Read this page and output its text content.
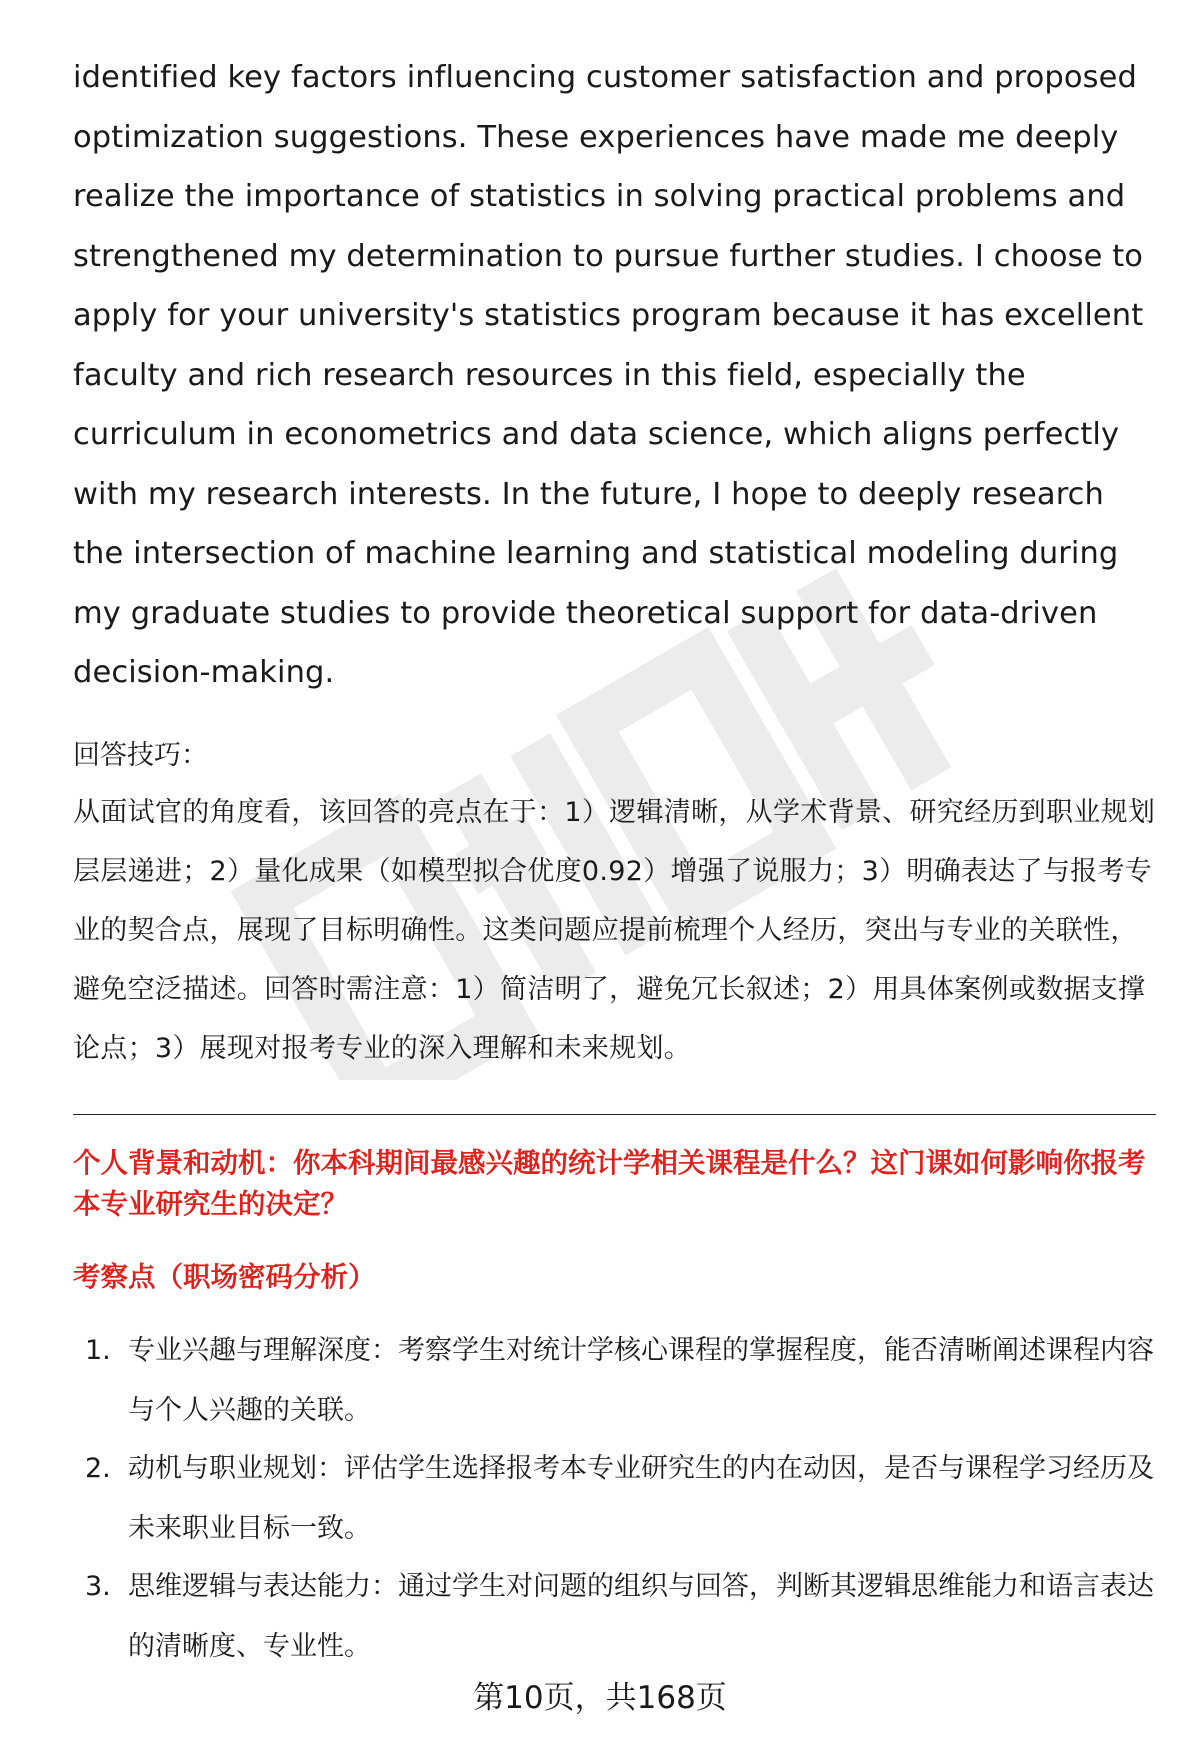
identified key factors influencing customer satisfaction and proposed optimization suggestions. These experiences have made me deeply realize the importance of statistics in solving practical problems and strengthened my determination to pursue further studies. I choose to apply for your university's statistics program because it has excellent faculty and rich research resources in this field, especially the curriculum in econometrics and data science, which aligns perfectly with my research interests. In the future, I hope to deeply research the intersection of machine learning and statistical modeling during my graduate studies to provide theoretical support for data-driven decision-making.

回答技巧：

从面试官的角度看，该回答的亮点在于：1）逻辑清晰，从学术背景、研究经历到职业规划层层递进；2）量化成果（如模型拟合优度0.92）增强了说服力；3）明确表达了与报考专业的契合点，展现了目标明确性。这类问题应提前梳理个人经历，突出与专业的关联性，避免空泛描述。回答时需注意：1）简洁明了，避免冗长叙述；2）用具体案例或数据支撑论点；3）展现对报考专业的深入理解和未来规划。

个人背景和动机：你本科期间最感兴趣的统计学相关课程是什么？这门课如何影响你报考本专业研究生的决定？
考察点（职场密码分析）
1. 专业兴趣与理解深度：考察学生对统计学核心课程的掌握程度，能否清晰阐述课程内容与个人兴趣的关联。
2. 动机与职业规划：评估学生选择报考本专业研究生的内在动因，是否与课程学习经历及未来职业目标一致。
3. 思维逻辑与表达能力：通过学生对问题的组织与回答，判断其逻辑思维能力和语言表达的清晰度、专业性。
第10页，共168页
